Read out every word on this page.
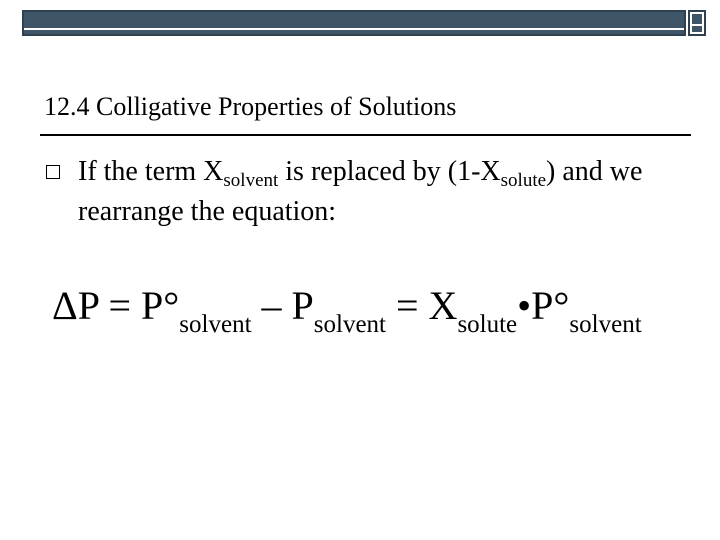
12.4 Colligative Properties of Solutions
If the term $X_{solvent}$ is replaced by $(1-X_{solute})$ and we rearrange the equation:
$\Delta P = P^\circ_{solvent} - P_{solvent}$ = $X_{solute}•P^\circ_{solvent}$
